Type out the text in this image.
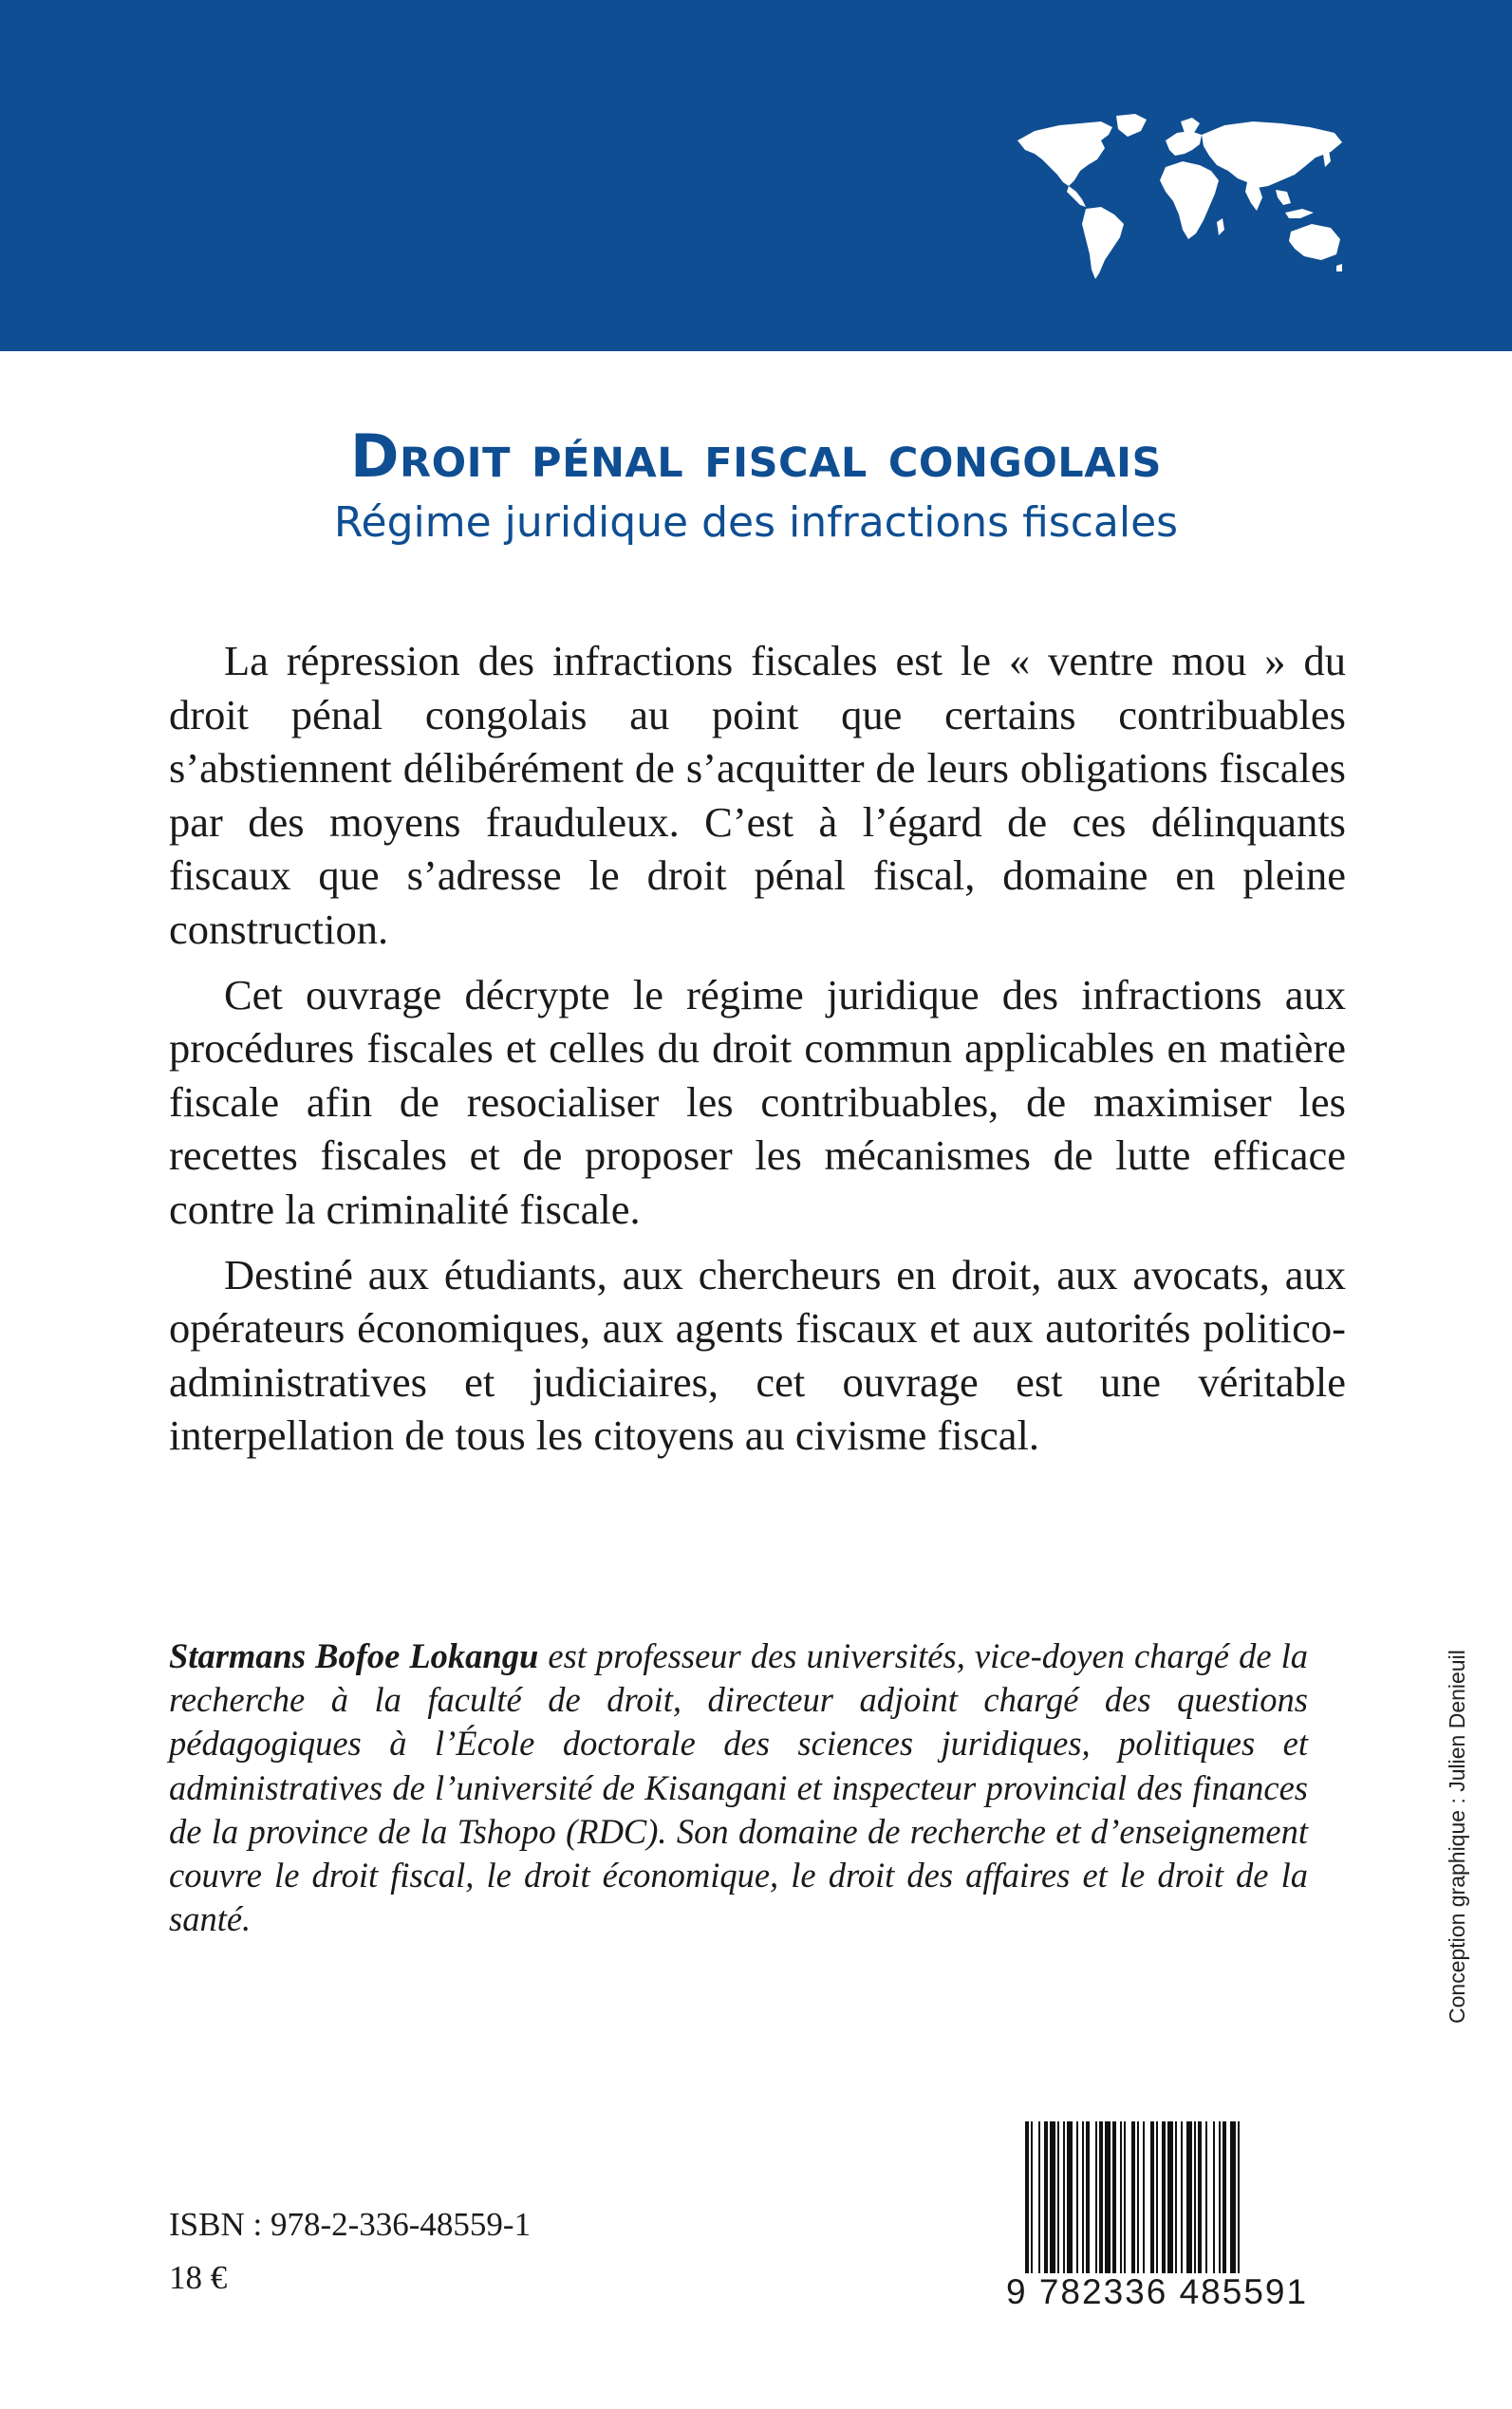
Droit pénal fiscal congolais
Régime juridique des infractions fiscales

La répression des infractions fiscales est le « ventre mou » du droit pénal congolais au point que certains contribuables s’abstiennent délibérément de s’acquitter de leurs obligations fiscales par des moyens frauduleux. C’est à l’égard de ces délinquants fiscaux que s’adresse le droit pénal fiscal, domaine en pleine construction.

Cet ouvrage décrypte le régime juridique des infractions aux procédures fiscales et celles du droit commun applicables en matière fiscale afin de resocialiser les contribuables, de maximiser les recettes fiscales et de proposer les mécanismes de lutte efficace contre la criminalité fiscale.

Destiné aux étudiants, aux chercheurs en droit, aux avocats, aux opérateurs économiques, aux agents fiscaux et aux autorités politico-administratives et judiciaires, cet ouvrage est une véritable interpellation de tous les citoyens au civisme fiscal.

Starmans Bofoe Lokangu est professeur des universités, vice-doyen chargé de la recherche à la faculté de droit, directeur adjoint chargé des questions pédagogiques à l’École doctorale des sciences juridiques, politiques et administratives de l’université de Kisangani et inspecteur provincial des finances de la province de la Tshopo (RDC). Son domaine de recherche et d’enseignement couvre le droit fiscal, le droit économique, le droit des affaires et le droit de la santé.	Conception graphique : Julien Denieuil
ISBN : 978-2-336-48559-1
18 €	9 782336 485591
